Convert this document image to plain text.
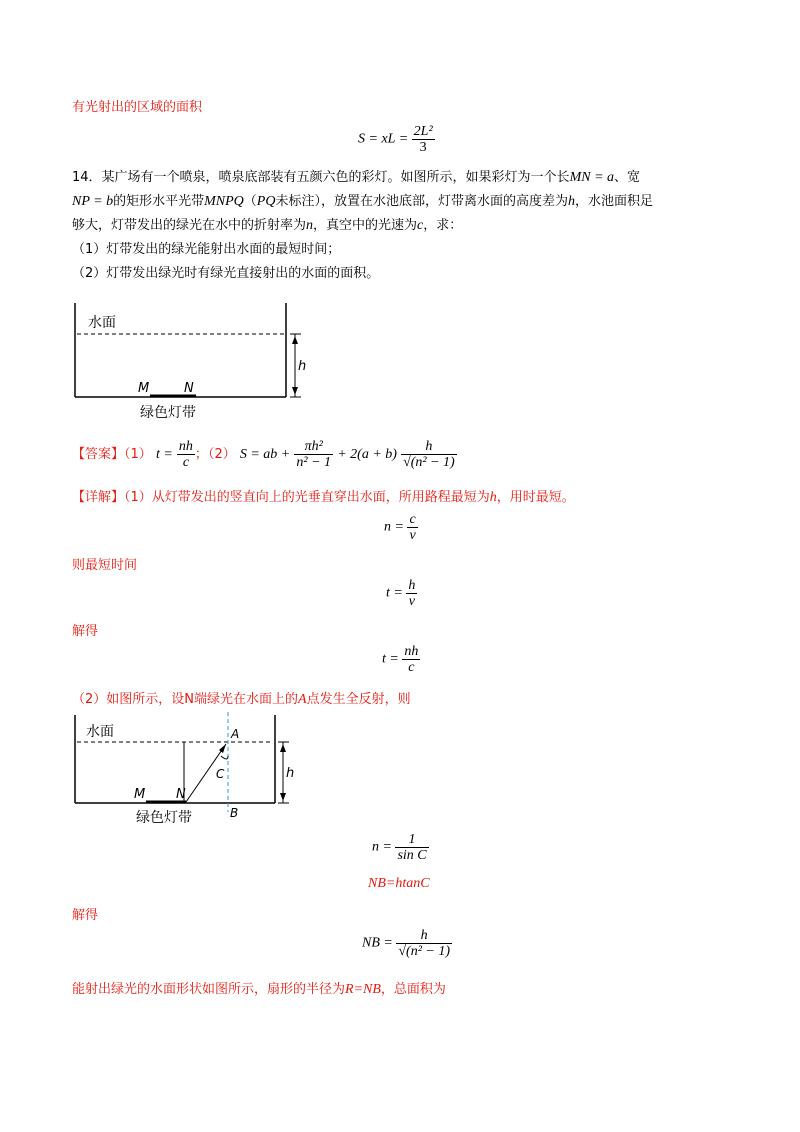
有光射出的区域的面积
S = xL = $\frac{\text{2L²}}{3}$
14．某广场有一个喷泉，喷泉底部装有五颜六色的彩灯。如图所示，如果彩灯为一个长MN = a、宽
NP = b的矩形水平光带MNPQ（PQ未标注），放置在水池底部，灯带离水面的高度差为h，水池面积足
够大，灯带发出的绿光在水中的折射率为n，真空中的光速为c，求：
（1）灯带发出的绿光能射出水面的最短时间；
（2）灯带发出绿光时有绿光直接射出的水面的面积。
水面
h
M	N
绿色灯带
【答案】（1） $t = \frac{nh}{c}$ ；（2） S = ab + $\frac{\text{πh²}}{\text{n² − 1}} + 2(a + b) \frac{h}{\text{√(n² − 1)}}$
【详解】（1）从灯带发出的竖直向上的光垂直穿出水面，所用路程最短为h，用时最短。
$n = \frac{c}{v}$
则最短时间
$t = \frac{h}{v}$
解得
$t = \frac{nh}{c}$
（2）如图所示，设N端绿光在水面上的A点发生全反射，则
水面	A
C	h
M N
B
绿色灯带
$n = \frac{1}{\text{sin C}}$
NB=htanC
解得
NB = $\frac{h}{\text{√(n² − 1)}}$
能射出绿光的水面形状如图所示，扇形的半径为R=NB，总面积为
